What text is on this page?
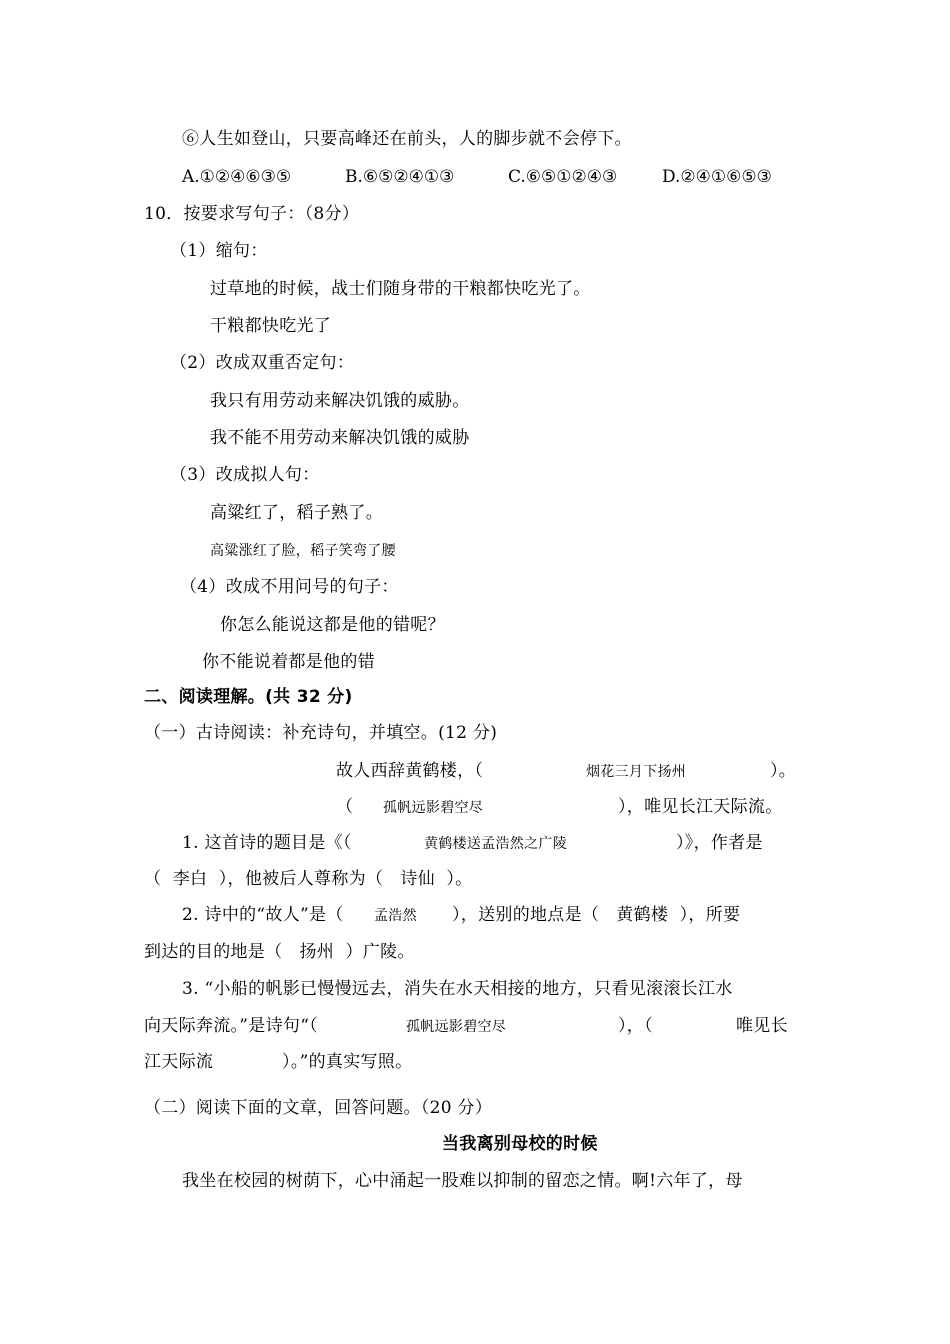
⑥人生如登山，只要高峰还在前头，人的脚步就不会停下。
A.①②④⑥③⑤	B.⑥⑤②④①③	C.⑥⑤①②④③	D.②④①⑥⑤③
10．按要求写句子：（8分）
（1）缩句：
过草地的时候，战士们随身带的干粮都快吃光了。
干粮都快吃光了
（2）改成双重否定句：
我只有用劳动来解决饥饿的威胁。
我不能不用劳动来解决饥饿的威胁
（3）改成拟人句：
高粱红了，稻子熟了。
高粱涨红了脸，稻子笑弯了腰
（4）改成不用问号的句子：
你怎么能说这都是他的错呢？
你不能说着都是他的错
二、阅读理解。(共 32 分)
（一）古诗阅读：补充诗句，并填空。(12 分)
故人西辞黄鹤楼，（	烟花三月下扬州	）。
（ 孤帆远影碧空尽	），唯见长江天际流。
1. 这首诗的题目是《（	黄鹤楼送孟浩然之广陵	）》，作者是
（  李白  ），他被后人尊称为（   诗仙  ）。
2. 诗中的“故人”是（ 孟浩然 ），送别的地点是（   黄鹤楼  ），所要
到达的目的地是（   扬州  ）广陵。
3. “小船的帆影已慢慢远去，消失在水天相接的地方，只看见滚滚长江水
向天际奔流。”是诗句“（	孤帆远影碧空尽	），（	唯见长
江天际流	）。”的真实写照。
（二）阅读下面的文章，回答问题。（20 分）
当我离别母校的时候
我坐在校园的树荫下，心中涌起一股难以抑制的留恋之情。啊!六年了，母
